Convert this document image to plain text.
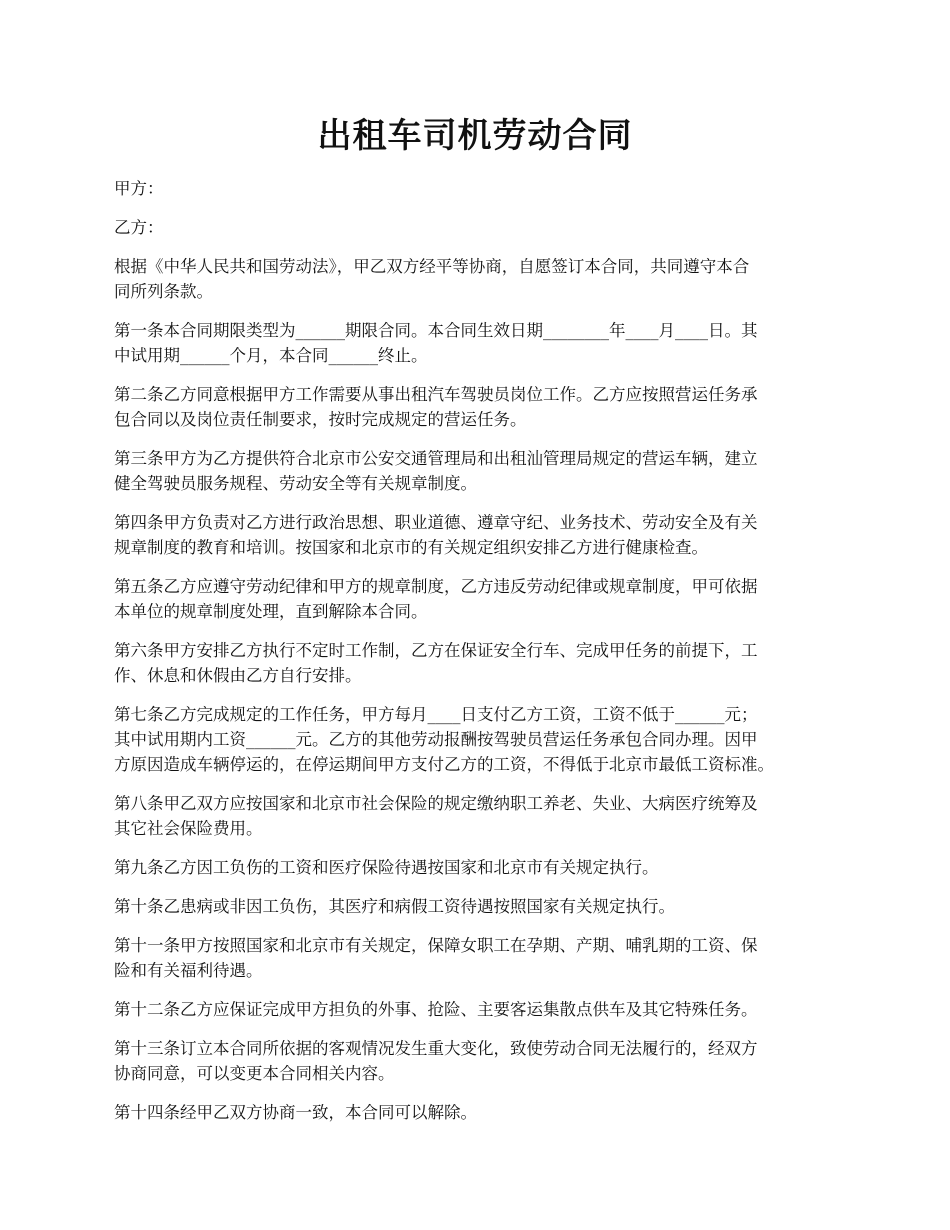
出租车司机劳动合同

甲方：

乙方：

根据《中华人民共和国劳动法》，甲乙双方经平等协商，自愿签订本合同，共同遵守本合
同所列条款。

第一条本合同期限类型为______期限合同。本合同生效日期________年____月____日。其
中试用期______个月，本合同______终止。

第二条乙方同意根据甲方工作需要从事出租汽车驾驶员岗位工作。乙方应按照营运任务承
包合同以及岗位责任制要求，按时完成规定的营运任务。

第三条甲方为乙方提供符合北京市公安交通管理局和出租汕管理局规定的营运车辆，建立
健全驾驶员服务规程、劳动安全等有关规章制度。

第四条甲方负责对乙方进行政治思想、职业道德、遵章守纪、业务技术、劳动安全及有关
规章制度的教育和培训。按国家和北京市的有关规定组织安排乙方进行健康检查。

第五条乙方应遵守劳动纪律和甲方的规章制度，乙方违反劳动纪律或规章制度，甲可依据
本单位的规章制度处理，直到解除本合同。

第六条甲方安排乙方执行不定时工作制，乙方在保证安全行车、完成甲任务的前提下，工
作、休息和休假由乙方自行安排。

第七条乙方完成规定的工作任务，甲方每月____日支付乙方工资，工资不低于______元；
其中试用期内工资______元。乙方的其他劳动报酬按驾驶员营运任务承包合同办理。因甲
方原因造成车辆停运的，在停运期间甲方支付乙方的工资，不得低于北京市最低工资标准。

第八条甲乙双方应按国家和北京市社会保险的规定缴纳职工养老、失业、大病医疗统筹及
其它社会保险费用。

第九条乙方因工负伤的工资和医疗保险待遇按国家和北京市有关规定执行。

第十条乙患病或非因工负伤，其医疗和病假工资待遇按照国家有关规定执行。

第十一条甲方按照国家和北京市有关规定，保障女职工在孕期、产期、哺乳期的工资、保
险和有关福利待遇。

第十二条乙方应保证完成甲方担负的外事、抢险、主要客运集散点供车及其它特殊任务。

第十三条订立本合同所依据的客观情况发生重大变化，致使劳动合同无法履行的，经双方
协商同意，可以变更本合同相关内容。

第十四条经甲乙双方协商一致，本合同可以解除。
